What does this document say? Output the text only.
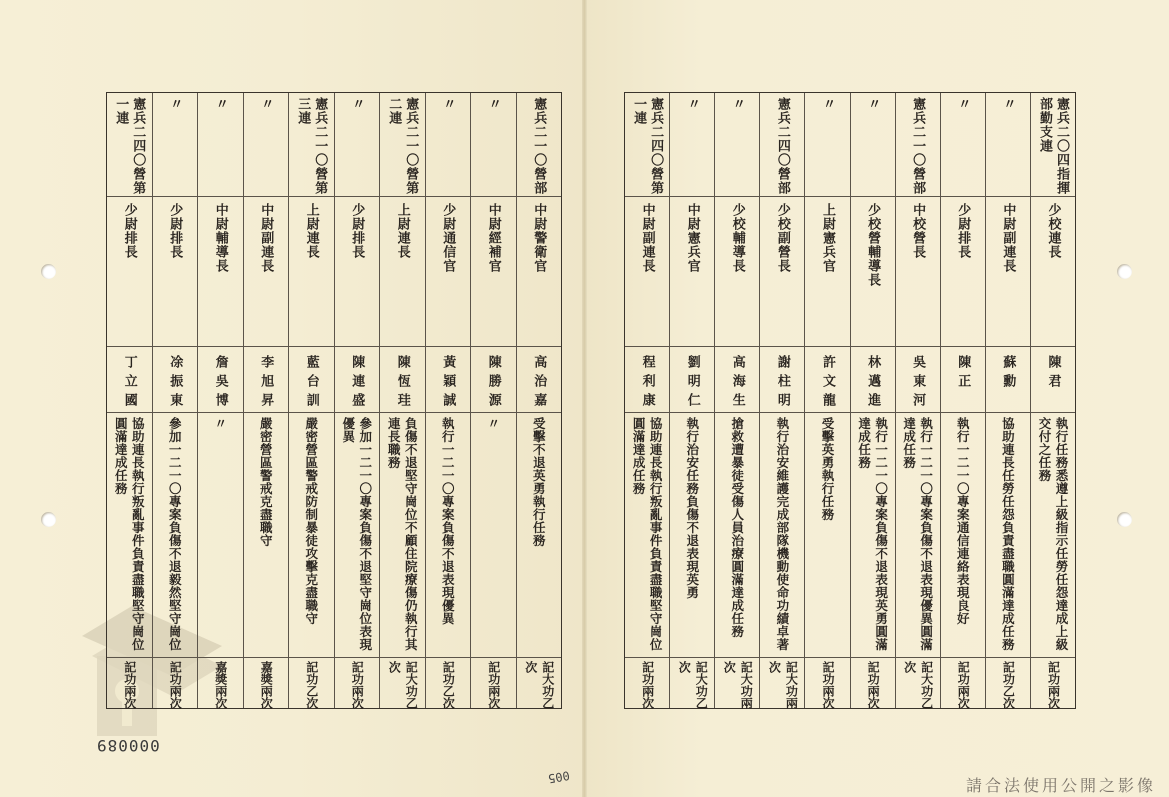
憲兵二一〇營部
中尉警衛官
高治嘉
受擊不退英勇執行任務
記大功乙次
〃
中尉經補官
陳勝源
〃
記功兩次
〃
少尉通信官
黃穎誠
執行一二一〇專案負傷不退表現優異
記功乙次
憲兵二一〇營第二連
上尉連長
陳恆珪
負傷不退堅守崗位不顧住院療傷仍執行其連長職務
記大功乙次
〃
少尉排長
陳連盛
參加一二一〇專案負傷不退堅守崗位表現優異
記功兩次
憲兵二一〇營第三連
上尉連長
藍台訓
嚴密營區警戒防制暴徒攻擊克盡職守
記功乙次
〃
中尉副連長
李旭昇
嚴密營區警戒克盡職守
嘉獎兩次
〃
中尉輔導長
詹吳博
〃
嘉獎兩次
〃
少尉排長
凃振東
參加一二一〇專案負傷不退毅然堅守崗位
記功兩次
憲兵二四〇營第一連
少尉排長
丁立國
協助連長執行叛亂事件負責盡職堅守崗位圓滿達成任務
記功兩次
憲兵二〇四指揮部勤支連
少校連長
陳君
執行任務悉遵上級指示任勞任怨達成上級交付之任務
記功兩次
〃
中尉副連長
蘇勳
協助連長任勞任怨負責盡職圓滿達成任務
記功乙次
〃
少尉排長
陳正
執行一二一〇專案通信連絡表現良好
記功兩次
憲兵二一〇營部
中校營長
吳東河
執行一二一〇專案負傷不退表現優異圓滿達成任務
記大功乙次
〃
少校營輔導長
林邁進
執行一二一〇專案負傷不退表現英勇圓滿達成任務
記功兩次
〃
上尉憲兵官
許文龍
受擊英勇執行任務
記功兩次
憲兵二四〇營部
少校副營長
謝柱明
執行治安維護完成部隊機動使命功績卓著
記大功兩次
〃
少校輔導長
高海生
搶救遭暴徒受傷人員治療圓滿達成任務
記大功兩次
〃
中尉憲兵官
劉明仁
執行治安任務負傷不退表現英勇
記大功乙次
憲兵二四〇營第一連
中尉副連長
程利康
協助連長執行叛亂事件負責盡職堅守崗位圓滿達成任務
記功兩次
000089
005	請合法使用公開之影像
